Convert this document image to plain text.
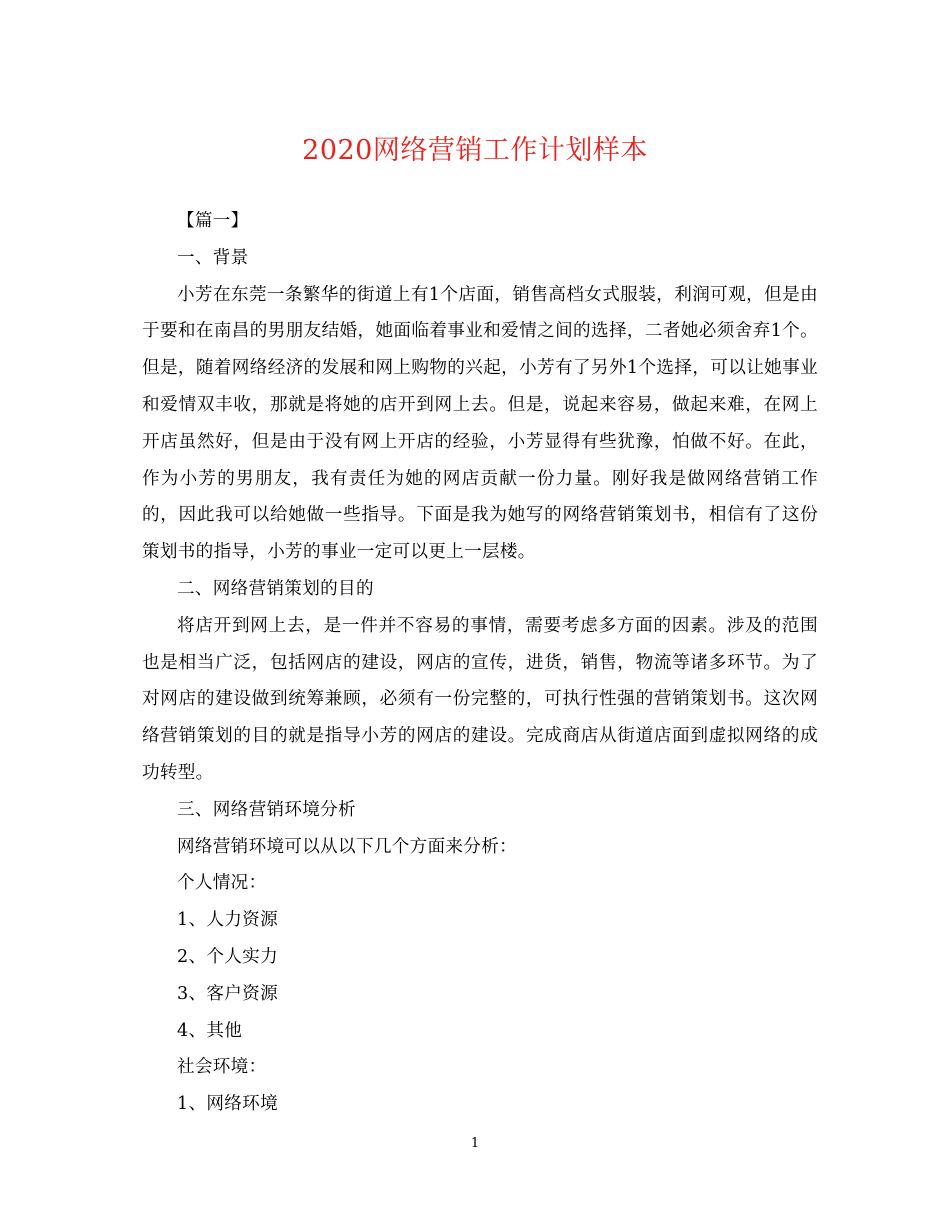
2020网络营销工作计划样本

【篇一】

一、背景

小芳在东莞一条繁华的街道上有1个店面，销售高档女式服装，利润可观，但是由于要和在南昌的男朋友结婚，她面临着事业和爱情之间的选择，二者她必须舍弃1个。但是，随着网络经济的发展和网上购物的兴起，小芳有了另外1个选择，可以让她事业和爱情双丰收，那就是将她的店开到网上去。但是，说起来容易，做起来难，在网上开店虽然好，但是由于没有网上开店的经验，小芳显得有些犹豫，怕做不好。在此，作为小芳的男朋友，我有责任为她的网店贡献一份力量。刚好我是做网络营销工作的，因此我可以给她做一些指导。下面是我为她写的网络营销策划书，相信有了这份策划书的指导，小芳的事业一定可以更上一层楼。

二、网络营销策划的目的

将店开到网上去，是一件并不容易的事情，需要考虑多方面的因素。涉及的范围也是相当广泛，包括网店的建设，网店的宣传，进货，销售，物流等诸多环节。为了对网店的建设做到统筹兼顾，必须有一份完整的，可执行性强的营销策划书。这次网络营销策划的目的就是指导小芳的网店的建设。完成商店从街道店面到虚拟网络的成功转型。

三、网络营销环境分析

网络营销环境可以从以下几个方面来分析：

个人情况：

1、人力资源

2、个人实力

3、客户资源

4、其他

社会环境：

1、网络环境

1
